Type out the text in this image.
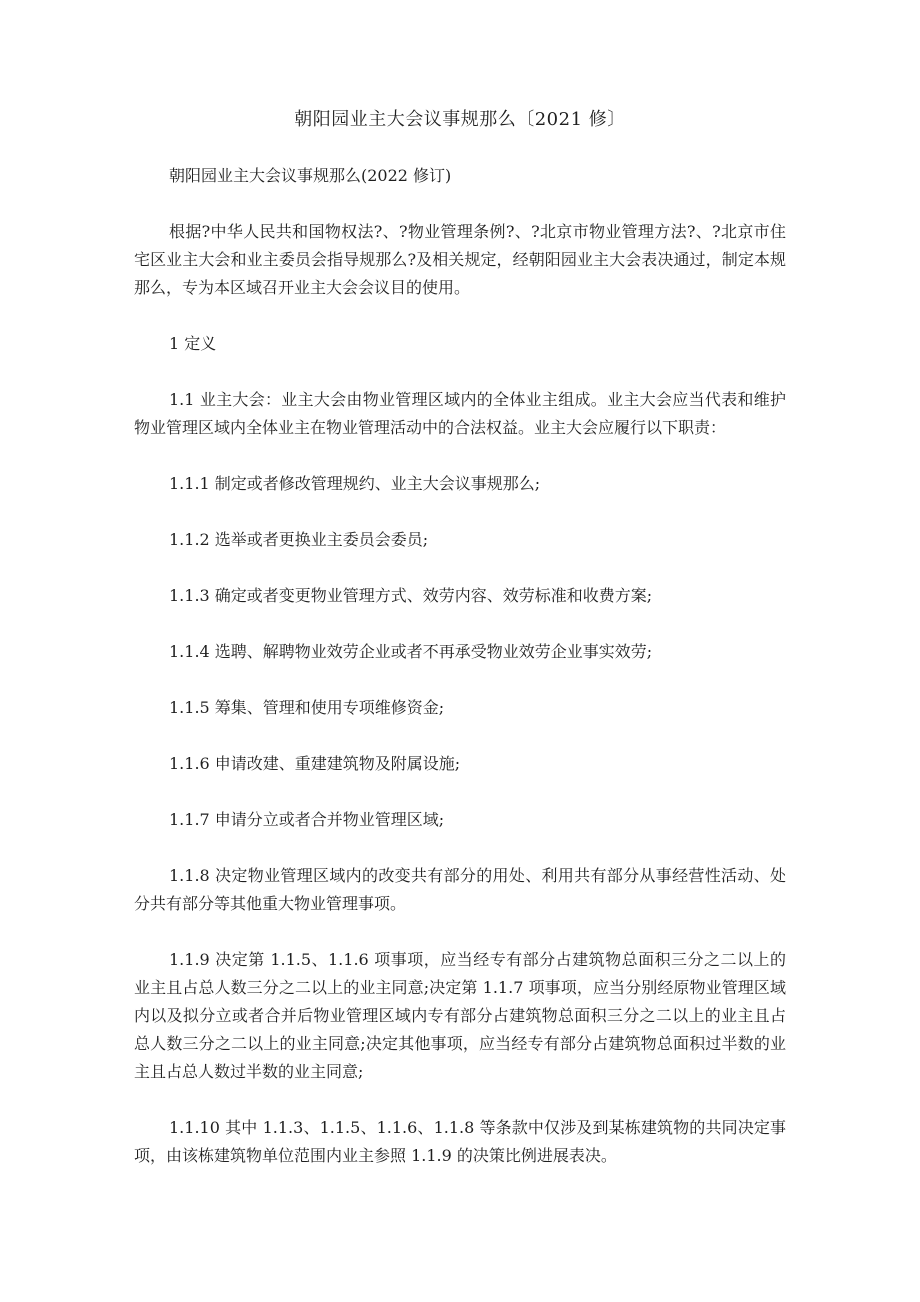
朝阳园业主大会议事规那么〔2021 修〕

朝阳园业主大会议事规那么(2022 修订)

根据?中华人民共和国物权法?、?物业管理条例?、?北京市物业管理方法?、?北京市住宅区业主大会和业主委员会指导规那么?及相关规定，经朝阳园业主大会表决通过，制定本规那么，专为本区域召开业主大会会议目的使用。

1 定义

1.1 业主大会：业主大会由物业管理区域内的全体业主组成。业主大会应当代表和维护物业管理区域内全体业主在物业管理活动中的合法权益。业主大会应履行以下职责：

1.1.1 制定或者修改管理规约、业主大会议事规那么;

1.1.2 选举或者更换业主委员会委员;

1.1.3 确定或者变更物业管理方式、效劳内容、效劳标准和收费方案;

1.1.4 选聘、解聘物业效劳企业或者不再承受物业效劳企业事实效劳;

1.1.5 筹集、管理和使用专项维修资金;

1.1.6 申请改建、重建建筑物及附属设施;

1.1.7 申请分立或者合并物业管理区域;

1.1.8 决定物业管理区域内的改变共有部分的用处、利用共有部分从事经营性活动、处分共有部分等其他重大物业管理事项。

1.1.9 决定第 1.1.5、1.1.6 项事项，应当经专有部分占建筑物总面积三分之二以上的业主且占总人数三分之二以上的业主同意;决定第 1.1.7 项事项，应当分别经原物业管理区域内以及拟分立或者合并后物业管理区域内专有部分占建筑物总面积三分之二以上的业主且占总人数三分之二以上的业主同意;决定其他事项，应当经专有部分占建筑物总面积过半数的业主且占总人数过半数的业主同意;

1.1.10 其中 1.1.3、1.1.5、1.1.6、1.1.8 等条款中仅涉及到某栋建筑物的共同决定事项，由该栋建筑物单位范围内业主参照 1.1.9 的决策比例进展表决。
